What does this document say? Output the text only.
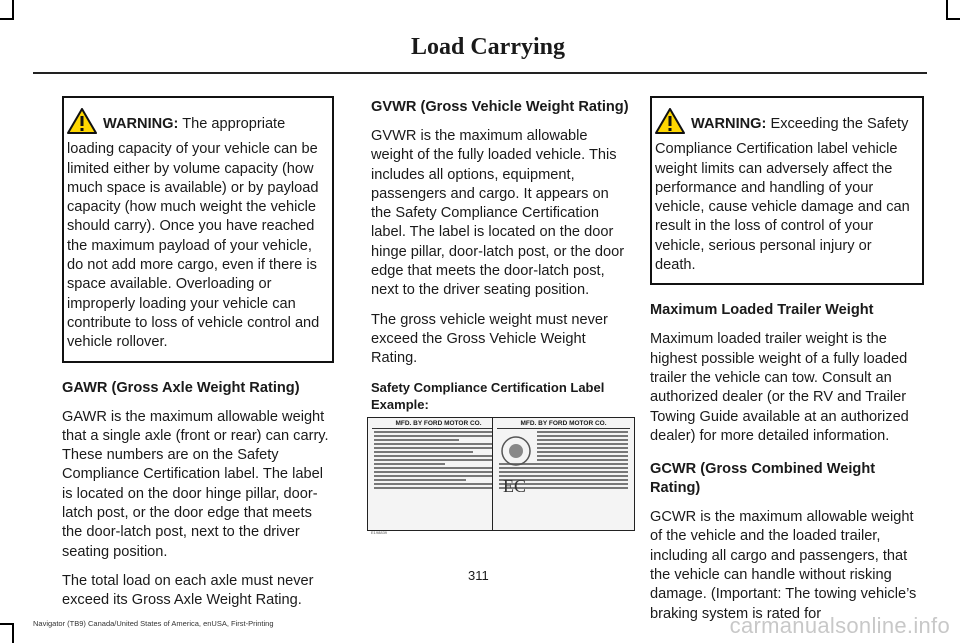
Load Carrying
WARNING: The appropriate loading capacity of your vehicle can be limited either by volume capacity (how much space is available) or by payload capacity (how much weight the vehicle should carry). Once you have reached the maximum payload of your vehicle, do not add more cargo, even if there is space available. Overloading or improperly loading your vehicle can contribute to loss of vehicle control and vehicle rollover.
GAWR (Gross Axle Weight Rating)

GAWR is the maximum allowable weight that a single axle (front or rear) can carry. These numbers are on the Safety Compliance Certification label. The label is located on the door hinge pillar, door-latch post, or the door edge that meets the door-latch post, next to the driver seating position.

The total load on each axle must never exceed its Gross Axle Weight Rating.

GVWR (Gross Vehicle Weight Rating)

GVWR is the maximum allowable weight of the fully loaded vehicle. This includes all options, equipment, passengers and cargo. It appears on the Safety Compliance Certification label. The label is located on the door hinge pillar, door-latch post, or the door edge that meets the door-latch post, next to the driver seating position.

The gross vehicle weight must never exceed the Gross Vehicle Weight Rating.

Safety Compliance Certification Label Example:
MFD. BY FORD MOTOR CO.	MFD. BY FORD MOTOR CO.
EC
E198839
WARNING: Exceeding the Safety Compliance Certification label vehicle weight limits can adversely affect the performance and handling of your vehicle, cause vehicle damage and can result in the loss of control of your vehicle, serious personal injury or death.
Maximum Loaded Trailer Weight

Maximum loaded trailer weight is the highest possible weight of a fully loaded trailer the vehicle can tow. Consult an authorized dealer (or the RV and Trailer Towing Guide available at an authorized dealer) for more detailed information.

GCWR (Gross Combined Weight Rating)

GCWR is the maximum allowable weight of the vehicle and the loaded trailer, including all cargo and passengers, that the vehicle can handle without risking damage. (Important: The towing vehicle’s braking system is rated for

311
Navigator (TB9) Canada/United States of America, enUSA, First-Printing	carmanualsonline.info
